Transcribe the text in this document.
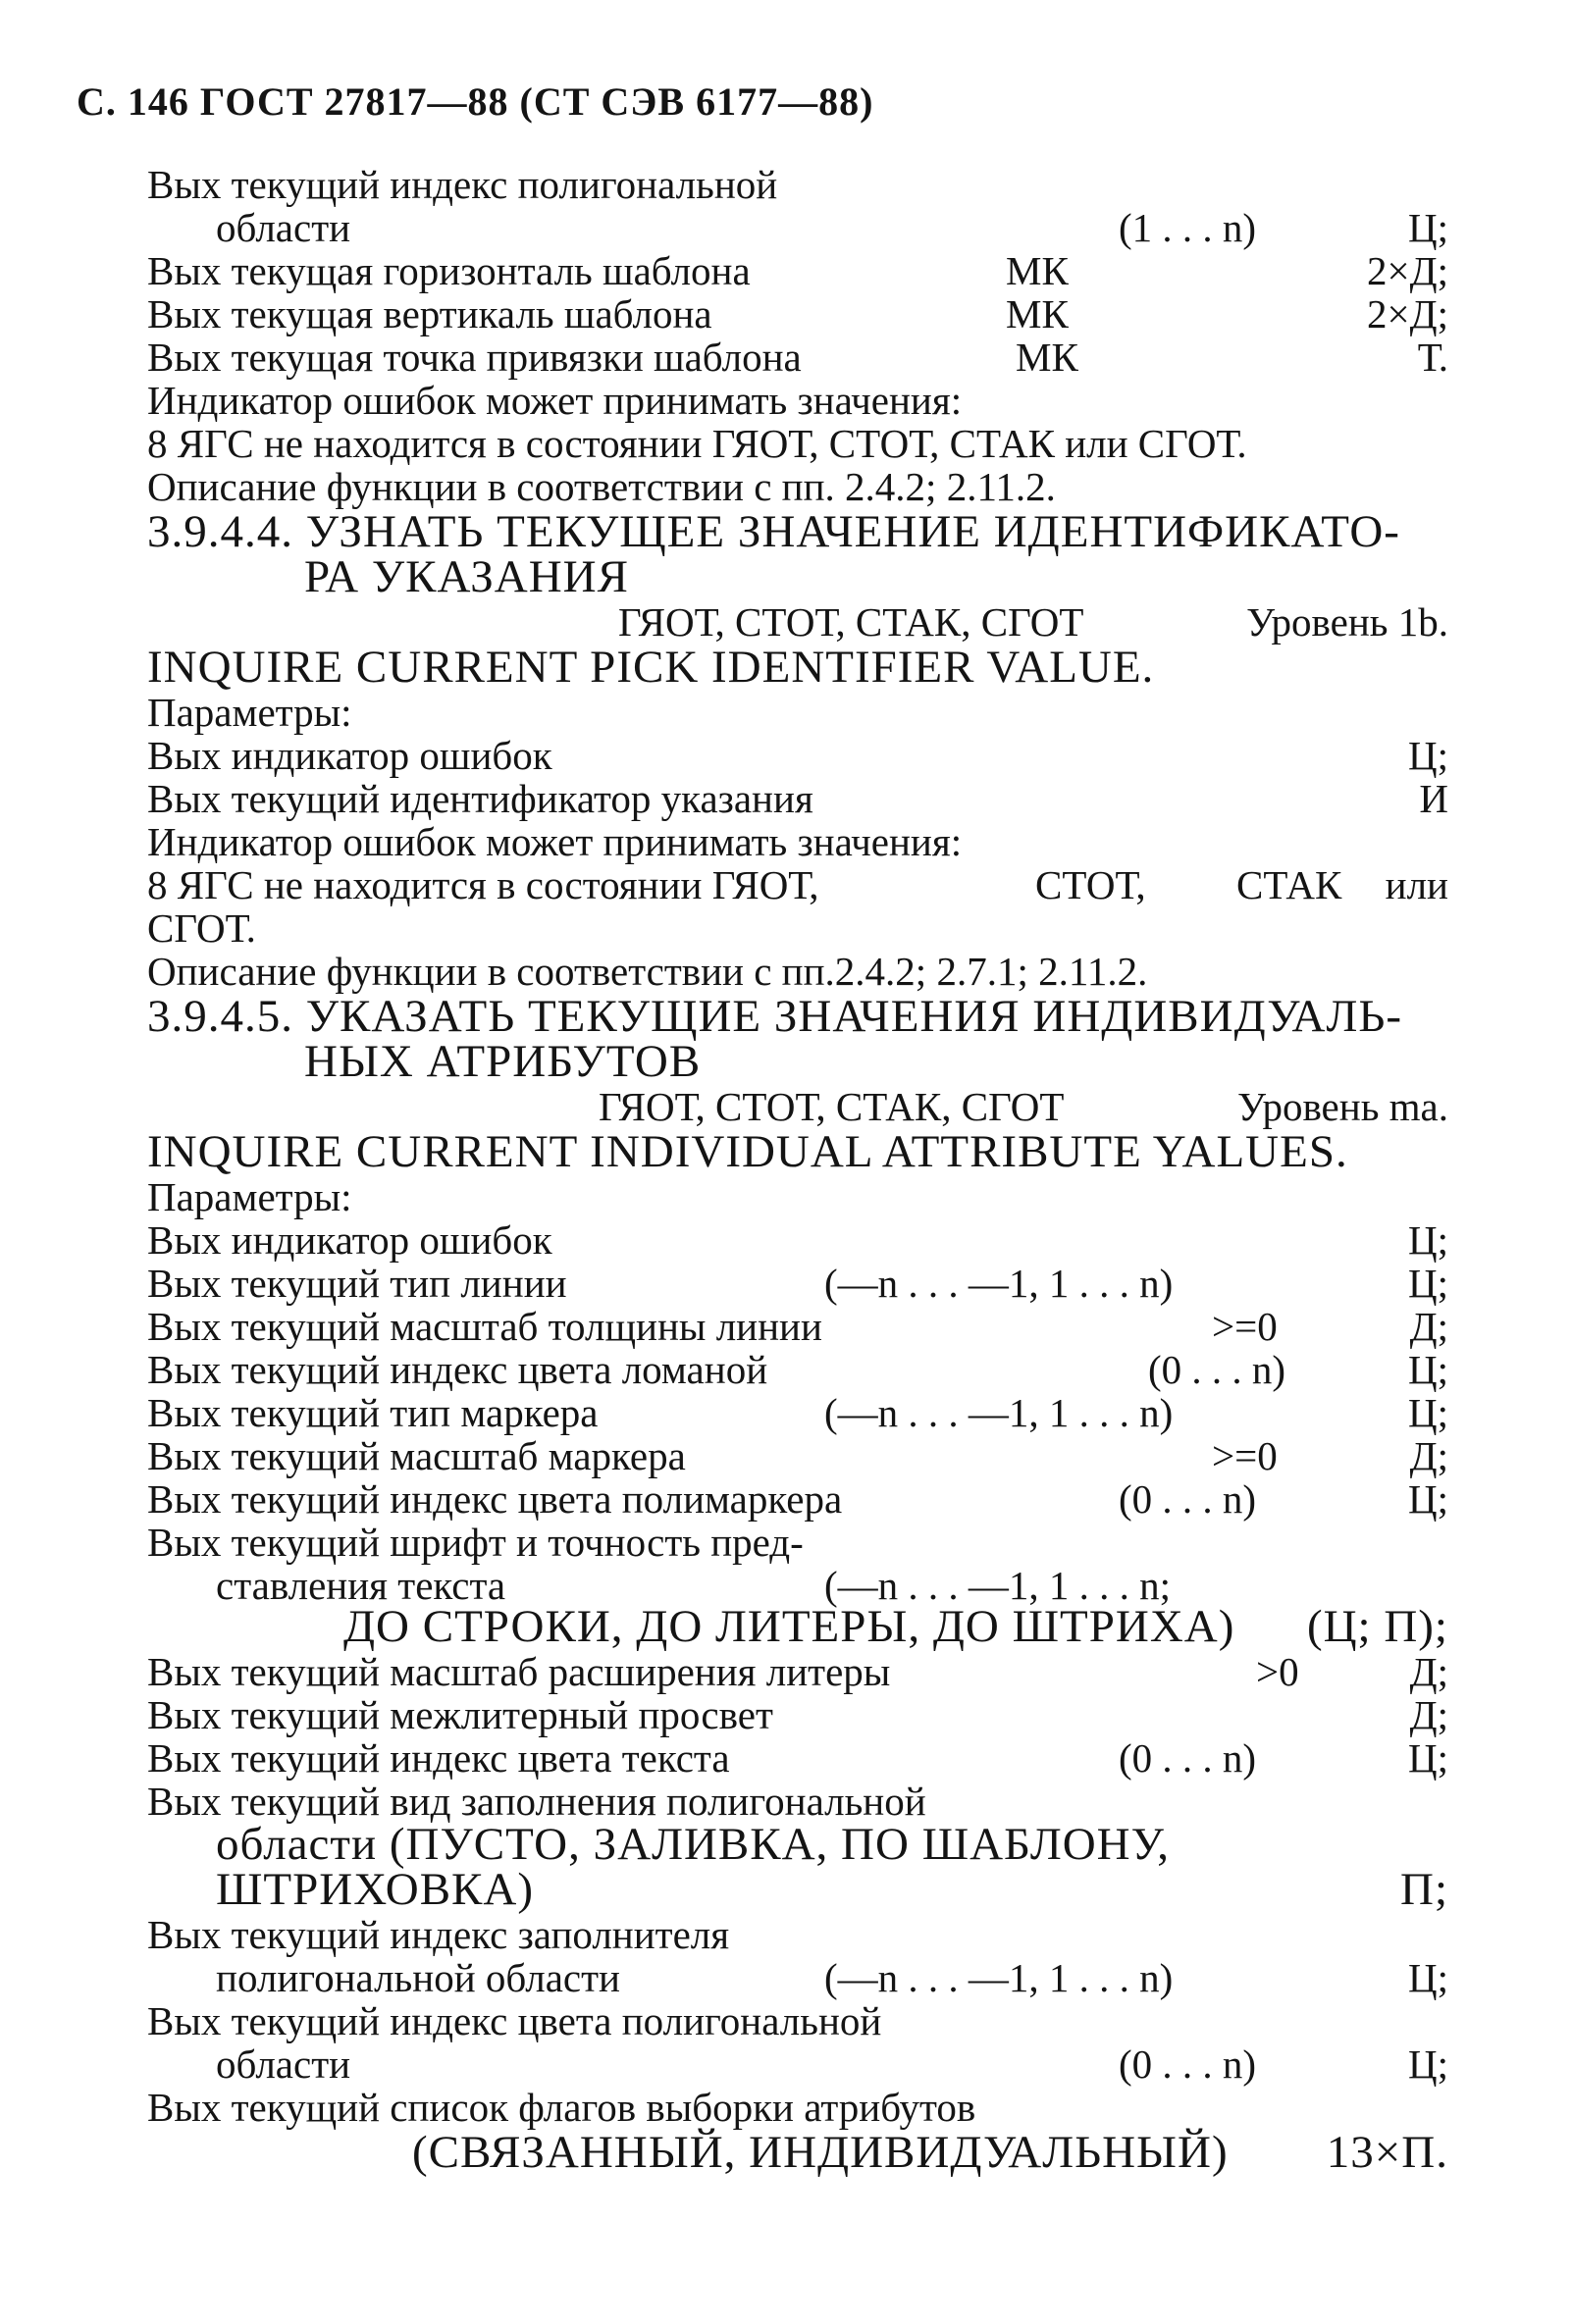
С. 146 ГОСТ 27817—88 (СТ СЭВ 6177—88)
Вых текущий индекс полигональной
области	(1 . . . n)	Ц;
Вых текущая горизонталь шаблона	МК	2×Д;
Вых текущая вертикаль шаблона	МК	2×Д;
Вых текущая точка привязки шаблона	МК	Т.
Индикатор ошибок может принимать значения:
8 ЯГС не находится в состоянии ГЯОТ, СТОТ, СТАК или СГОТ.
Описание функции в соответствии с пп. 2.4.2; 2.11.2.
3.9.4.4. УЗНАТЬ ТЕКУЩЕЕ ЗНАЧЕНИЕ ИДЕНТИФИКАТО-
РА УКАЗАНИЯ
ГЯОТ, СТОТ, СТАК, СГОТ	Уровень 1b.
INQUIRE CURRENT PICK IDENTIFIER VALUE.
Параметры:
Вых индикатор ошибок	Ц;
Вых текущий идентификатор указания	И
Индикатор ошибок может принимать значения:
8 ЯГС не находится в состоянии ГЯОТ,	СТОТ, СТАК или
СГОТ.
Описание функции в соответствии с пп.2.4.2; 2.7.1; 2.11.2.
3.9.4.5. УКАЗАТЬ ТЕКУЩИЕ ЗНАЧЕНИЯ ИНДИВИДУАЛЬ-
НЫХ АТРИБУТОВ
ГЯОТ, СТОТ, СТАК, СГОТ	Уровень ma.
INQUIRE CURRENT INDIVIDUAL ATTRIBUTE YALUES.
Параметры:
Вых индикатор ошибок	Ц;
Вых текущий тип линии	(—n . . . —1, 1 . . . n)	Ц;
Вых текущий масштаб толщины линии	>=0	Д;
Вых текущий индекс цвета ломаной	(0 . . . n)	Ц;
Вых текущий тип маркера	(—n . . . —1, 1 . . . n)	Ц;
Вых текущий масштаб маркера	>=0	Д;
Вых текущий индекс цвета полимаркера	(0 . . . n)	Ц;
Вых текущий шрифт и точность пред-
ставления текста	(—n . . . —1, 1 . . . n;
ДО СТРОКИ, ДО ЛИТЕРЫ, ДО ШТРИХА) (Ц; П);
Вых текущий масштаб расширения литеры	>0	Д;
Вых текущий межлитерный просвет	Д;
Вых текущий индекс цвета текста	(0 . . . n)	Ц;
Вых текущий вид заполнения полигональной
области (ПУСТО, ЗАЛИВКА, ПО ШАБЛОНУ,
ШТРИХОВКА)	П;
Вых текущий индекс заполнителя
полигональной области	(—n . . . —1, 1 . . . n)	Ц;
Вых текущий индекс цвета полигональной
области	(0 . . . n)	Ц;
Вых текущий список флагов выборки атрибутов
(СВЯЗАННЫЙ, ИНДИВИДУАЛЬНЫЙ) 13×П.
